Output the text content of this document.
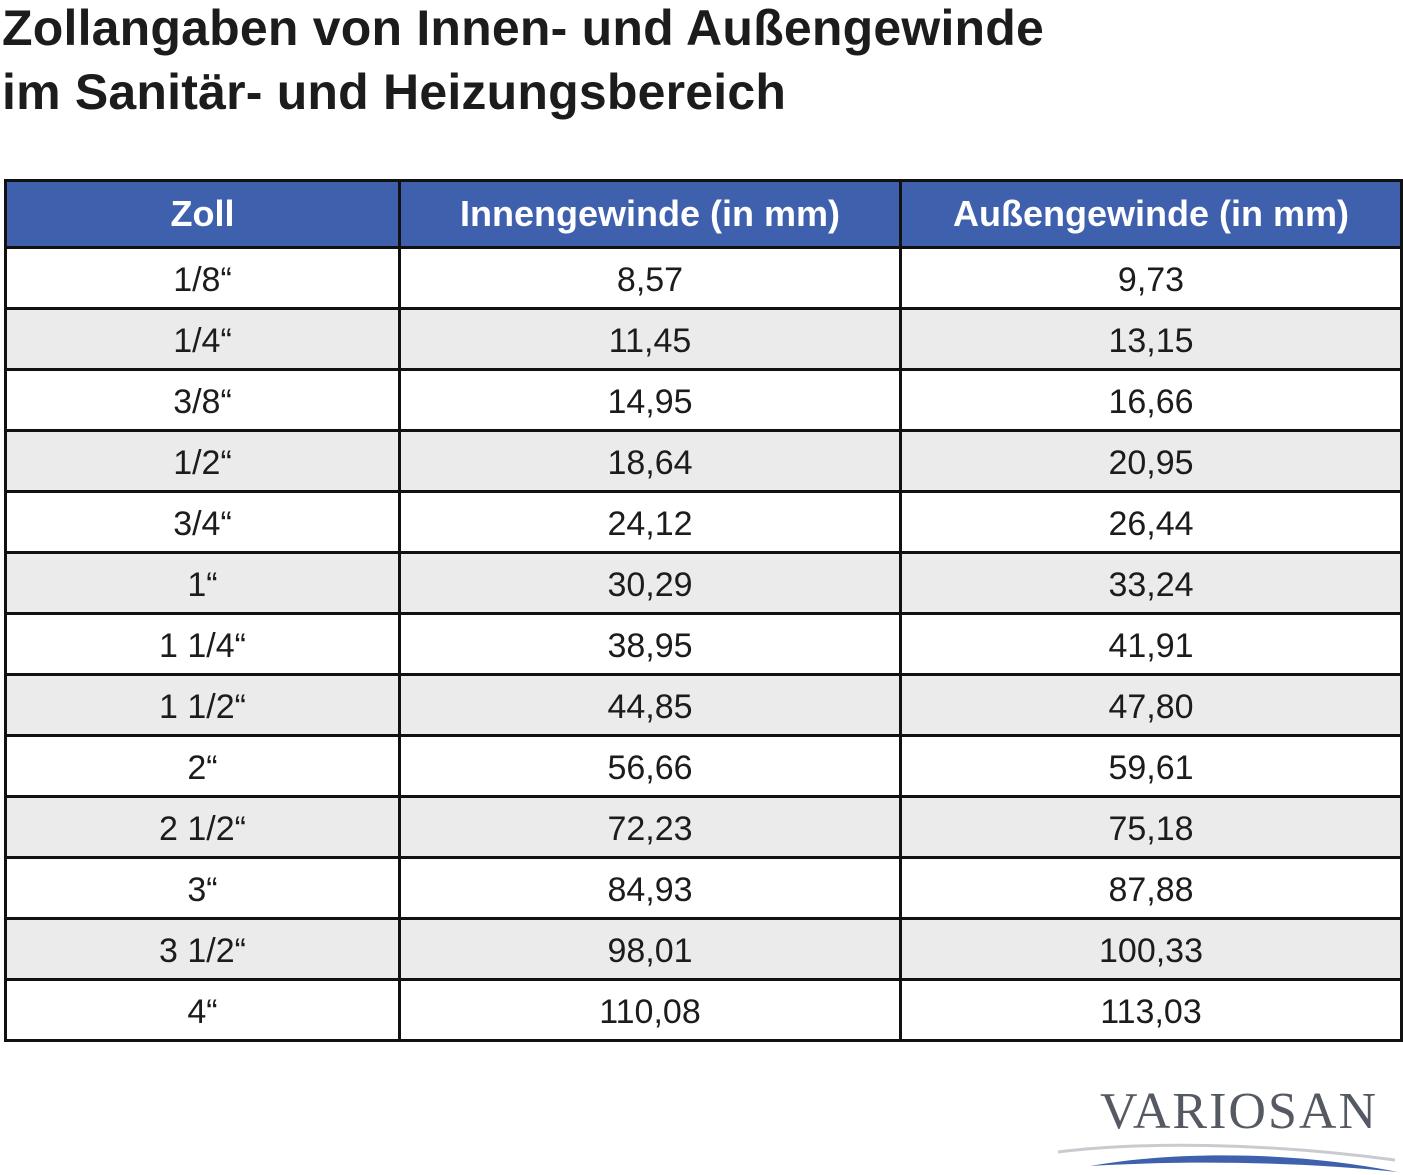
Zollangaben von Innen- und Außengewinde
im Sanitär- und Heizungsbereich
Zoll	Innengewinde (in mm)	Außengewinde (in mm)
1/8“	8,57	9,73
1/4“	11,45	13,15
3/8“	14,95	16,66
1/2“	18,64	20,95
3/4“	24,12	26,44
1“	30,29	33,24
1 1/4“	38,95	41,91
1 1/2“	44,85	47,80
2“	56,66	59,61
2 1/2“	72,23	75,18
3“	84,93	87,88
3 1/2“	98,01	100,33
4“	110,08	113,03
VARIOSAN
